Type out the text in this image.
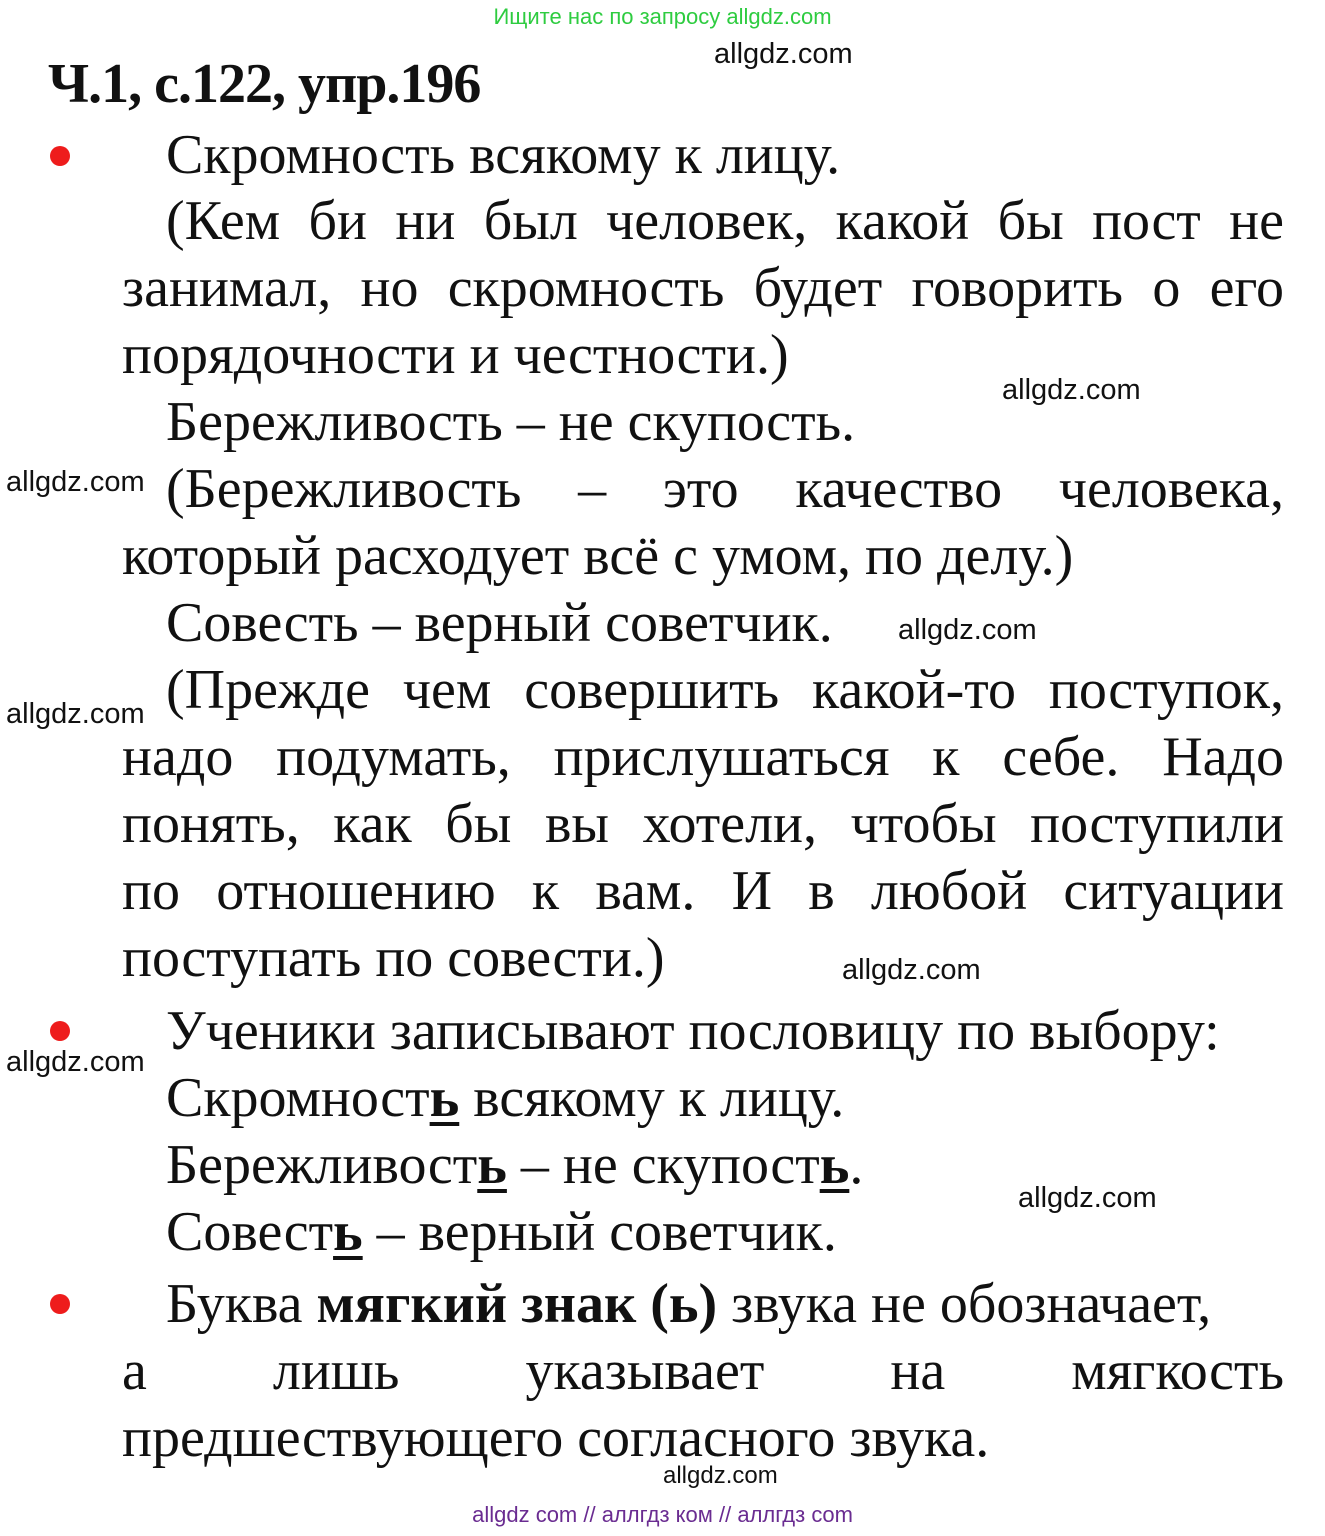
Ищите нас по запросу allgdz.com
allgdz.com
Ч.1, с.122, упр.196
Скромность всякому к лицу.
(Кем би ни был человек, какой бы пост не
занимал, но скромность будет говорить о его
порядочности и честности.)
allgdz.com
Бережливость – не скупость.
allgdz.com (Бережливость – это качество человека,
который расходует всё с умом, по делу.)
Совесть – верный советчик. allgdz.com
allgdz.com (Прежде чем совершить какой-то поступок,
надо подумать, прислушаться к себе. Надо
понять, как бы вы хотели, чтобы поступили
по отношению к вам. И в любой ситуации
поступать по совести.)	allgdz.com
allgdz.com Ученики записывают пословицу по выбору:
Скромность всякому к лицу.
Бережливость – не скупость.
allgdz.com
Совесть – верный советчик.
Буква мягкий знак (ь) звука не обозначает,
а лишь указывает на мягкость
предшествующего согласного звука.
allgdz.com
allgdz com // аллгдз ком // аллгдз com
